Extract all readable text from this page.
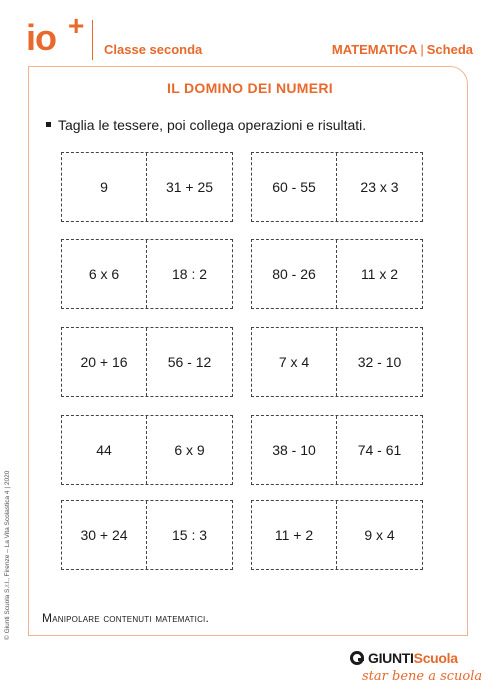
io +
Classe seconda	MATEMATICA | Scheda
IL DOMINO DEI NUMERI
Taglia le tessere, poi collega operazioni e risultati.
9	31 + 25	60 - 55	23 x 3
6 x 6	18 : 2	80 - 26	11 x 2
20 + 16	56 - 12	7 x 4	32 - 10
44	6 x 9	38 - 10	74 - 61
30 + 24	15 : 3	11 + 2	9 x 4
Manipolare contenuti matematici.
© Giunti Scuola S.r.l., Firenze – La Vita Scolastica 4 | 2020
GIUNTIScuola
star bene a scuola
